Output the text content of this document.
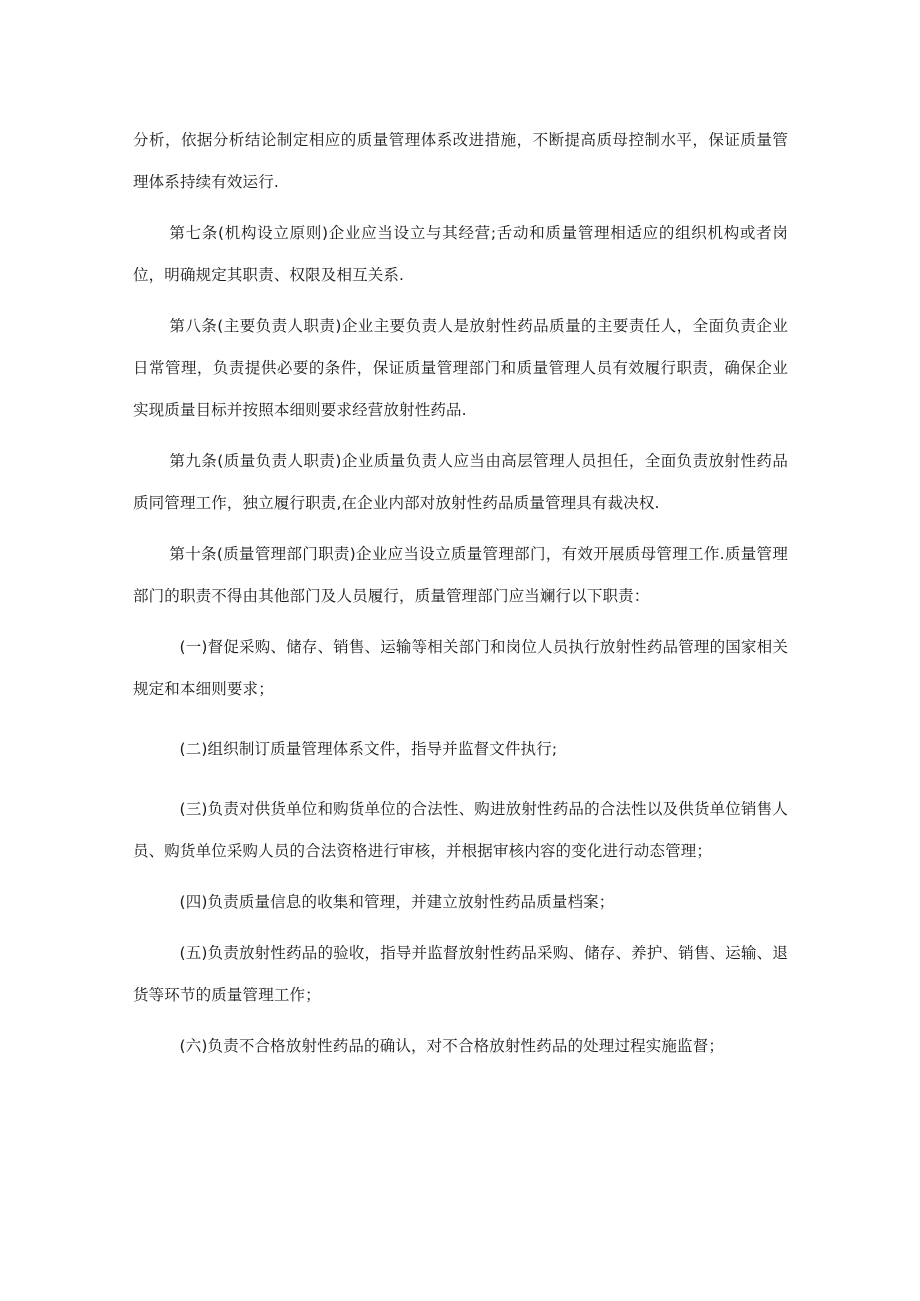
分析，依据分析结论制定相应的质量管理体系改进措施，不断提高质母控制水平，保证质量管理体系持续有效运行.

第七条(机构设立原则)企业应当设立与其经营;舌动和质量管理相适应的组织机构或者岗位，明确规定其职责、权限及相互关系.

第八条(主要负责人职责)企业主要负责人是放射性药品质量的主要责任人，全面负责企业日常管理，负责提供必要的条件，保证质量管理部门和质量管理人员有效履行职责，确保企业实现质量目标并按照本细则要求经营放射性药品.

第九条(质量负责人职责)企业质量负责人应当由高层管理人员担任，全面负责放射性药品质同管理工作，独立履行职责,在企业内部对放射性药品质量管理具有裁决权.

第十条(质量管理部门职责)企业应当设立质量管理部门，有效开展质母管理工作.质量管理部门的职责不得由其他部门及人员履行，质量管理部门应当斓行以下职责：

(一)督促采购、储存、销售、运输等相关部门和岗位人员执行放射性药品管理的国家相关规定和本细则要求；

(二)组织制订质量管理体系文件，指导并监督文件执行;

(三)负责对供货单位和购货单位的合法性、购进放射性药品的合法性以及供货单位销售人员、购货单位采购人员的合法资格进行审核，并根据审核内容的变化进行动态管理；

(四)负责质量信息的收集和管理，并建立放射性药品质量档案；

(五)负责放射性药品的验收，指导并监督放射性药品采购、储存、养护、销售、运输、退货等环节的质量管理工作；

(六)负责不合格放射性药品的确认，对不合格放射性药品的处理过程实施监督；
